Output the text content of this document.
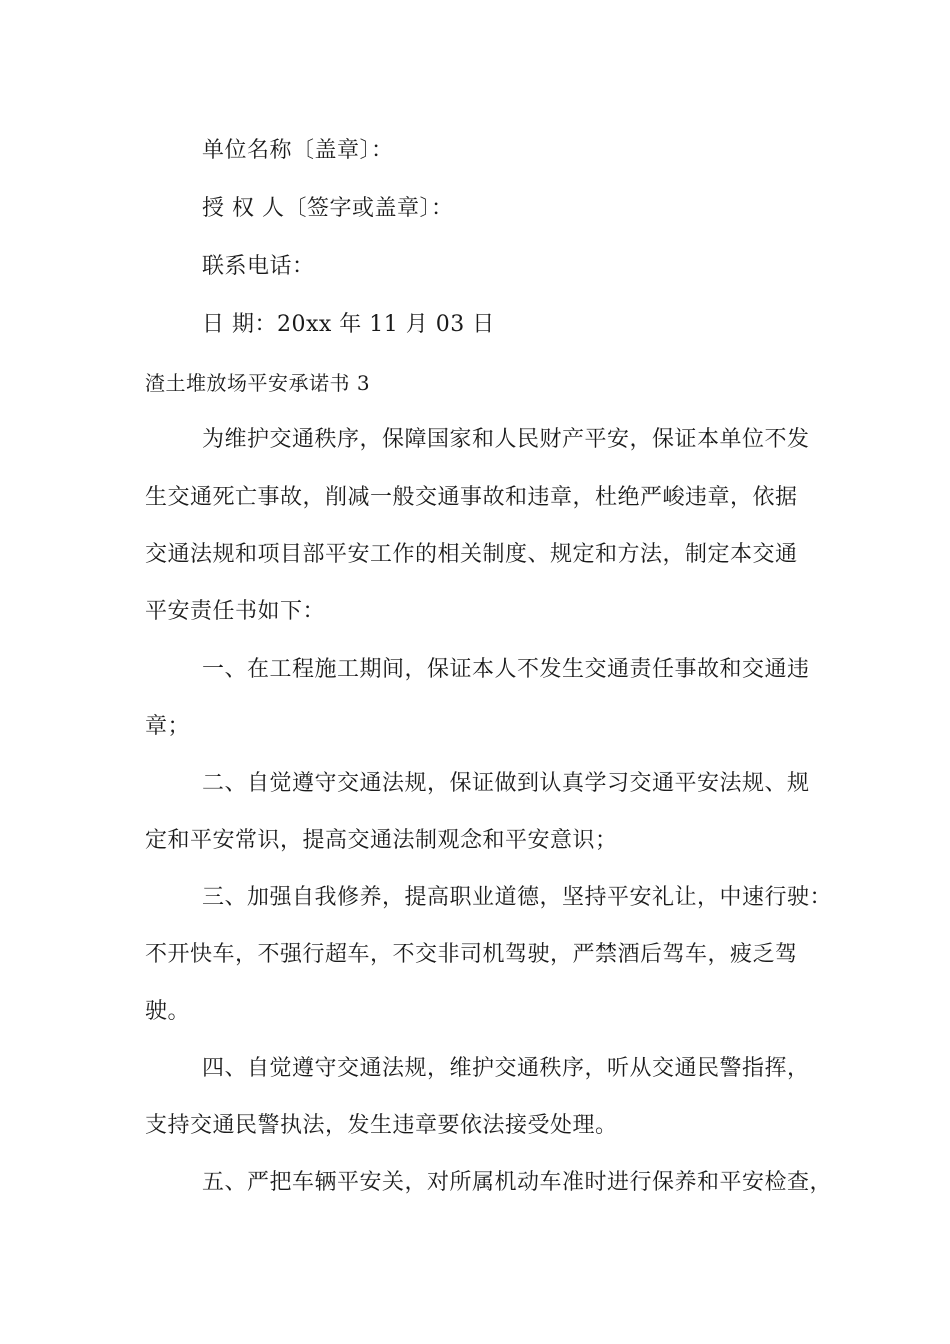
单位名称〔盖章〕：
授 权 人〔签字或盖章〕：
联系电话：
日 期：20xx 年 11 月 03 日
渣土堆放场平安承诺书 3
为维护交通秩序，保障国家和人民财产平安，保证本单位不发
生交通死亡事故，削减一般交通事故和违章，杜绝严峻违章，依据
交通法规和项目部平安工作的相关制度、规定和方法，制定本交通
平安责任书如下：
一、在工程施工期间，保证本人不发生交通责任事故和交通违
章；
二、自觉遵守交通法规，保证做到认真学习交通平安法规、规
定和平安常识，提高交通法制观念和平安意识；
三、加强自我修养，提高职业道德，坚持平安礼让，中速行驶：
不开快车，不强行超车，不交非司机驾驶，严禁酒后驾车，疲乏驾
驶。
四、自觉遵守交通法规，维护交通秩序，听从交通民警指挥，
支持交通民警执法，发生违章要依法接受处理。
五、严把车辆平安关，对所属机动车准时进行保养和平安检查，
